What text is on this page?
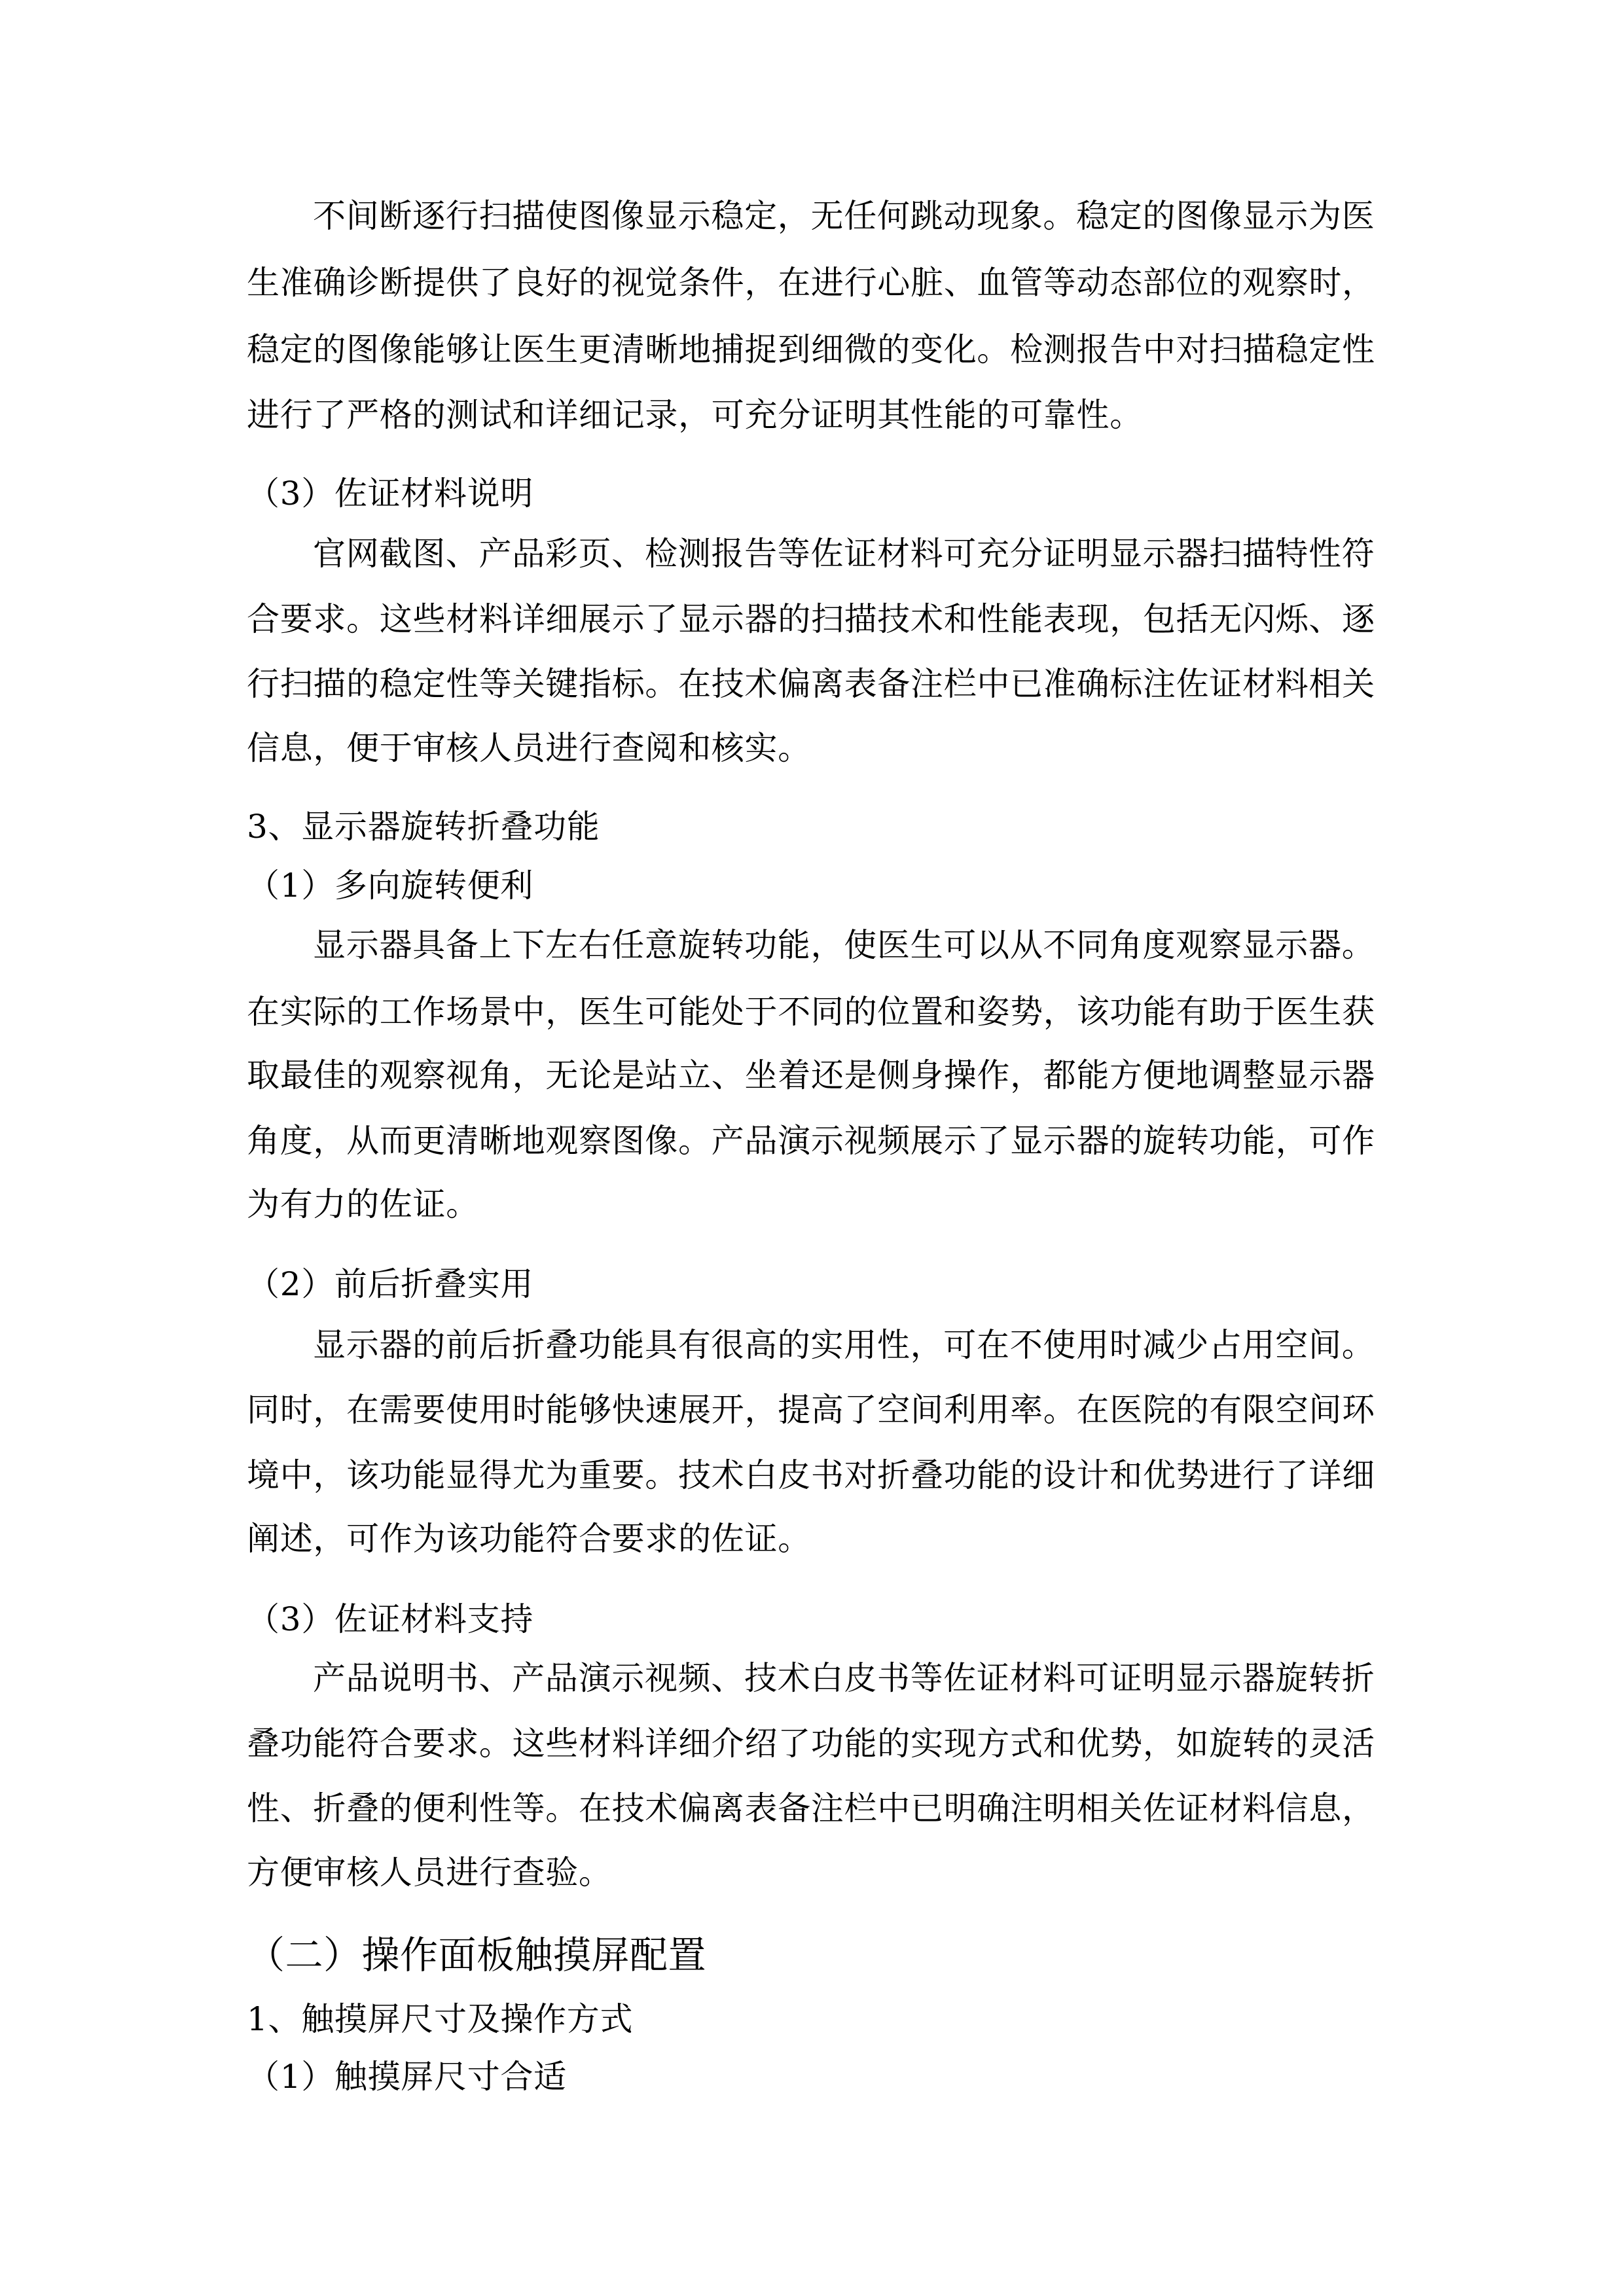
不间断逐行扫描使图像显示稳定，无任何跳动现象。稳定的图像显示为医
生准确诊断提供了良好的视觉条件，在进行心脏、血管等动态部位的观察时，
稳定的图像能够让医生更清晰地捕捉到细微的变化。检测报告中对扫描稳定性
进行了严格的测试和详细记录，可充分证明其性能的可靠性。
（3）佐证材料说明
官网截图、产品彩页、检测报告等佐证材料可充分证明显示器扫描特性符
合要求。这些材料详细展示了显示器的扫描技术和性能表现，包括无闪烁、逐
行扫描的稳定性等关键指标。在技术偏离表备注栏中已准确标注佐证材料相关
信息，便于审核人员进行查阅和核实。
3、显示器旋转折叠功能
（1）多向旋转便利
显示器具备上下左右任意旋转功能，使医生可以从不同角度观察显示器。
在实际的工作场景中，医生可能处于不同的位置和姿势，该功能有助于医生获
取最佳的观察视角，无论是站立、坐着还是侧身操作，都能方便地调整显示器
角度，从而更清晰地观察图像。产品演示视频展示了显示器的旋转功能，可作
为有力的佐证。
（2）前后折叠实用
显示器的前后折叠功能具有很高的实用性，可在不使用时减少占用空间。
同时，在需要使用时能够快速展开，提高了空间利用率。在医院的有限空间环
境中，该功能显得尤为重要。技术白皮书对折叠功能的设计和优势进行了详细
阐述，可作为该功能符合要求的佐证。
（3）佐证材料支持
产品说明书、产品演示视频、技术白皮书等佐证材料可证明显示器旋转折
叠功能符合要求。这些材料详细介绍了功能的实现方式和优势，如旋转的灵活
性、折叠的便利性等。在技术偏离表备注栏中已明确注明相关佐证材料信息，
方便审核人员进行查验。
（二）操作面板触摸屏配置
1、触摸屏尺寸及操作方式
（1）触摸屏尺寸合适
